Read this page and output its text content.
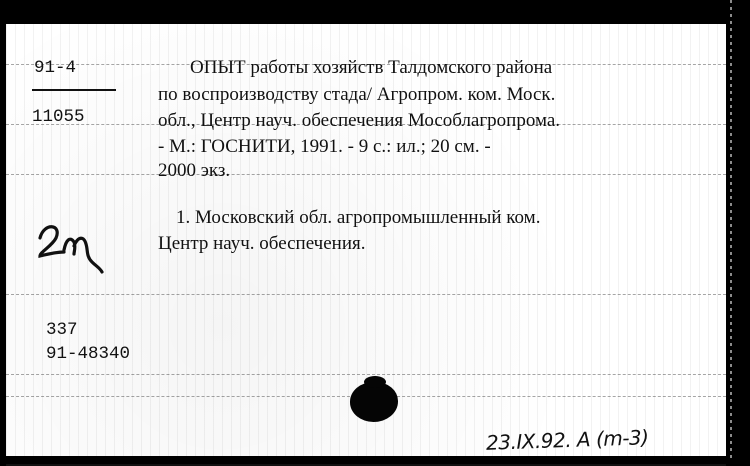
91-4
11055
ОПЫТ работы хозяйств Талдомского района
по воспроизводству стада/ Агропром. ком. Моск.
обл., Центр науч. обеспечения Мособлагропрома.
- М.: ГОСНИТИ, 1991. - 9 с.: ил.; 20 см. -
2000 экз.
1. Московский обл. агропромышленный ком.
Центр науч. обеспечения.
337
91-48340
23.IX.92. A (m-3)
